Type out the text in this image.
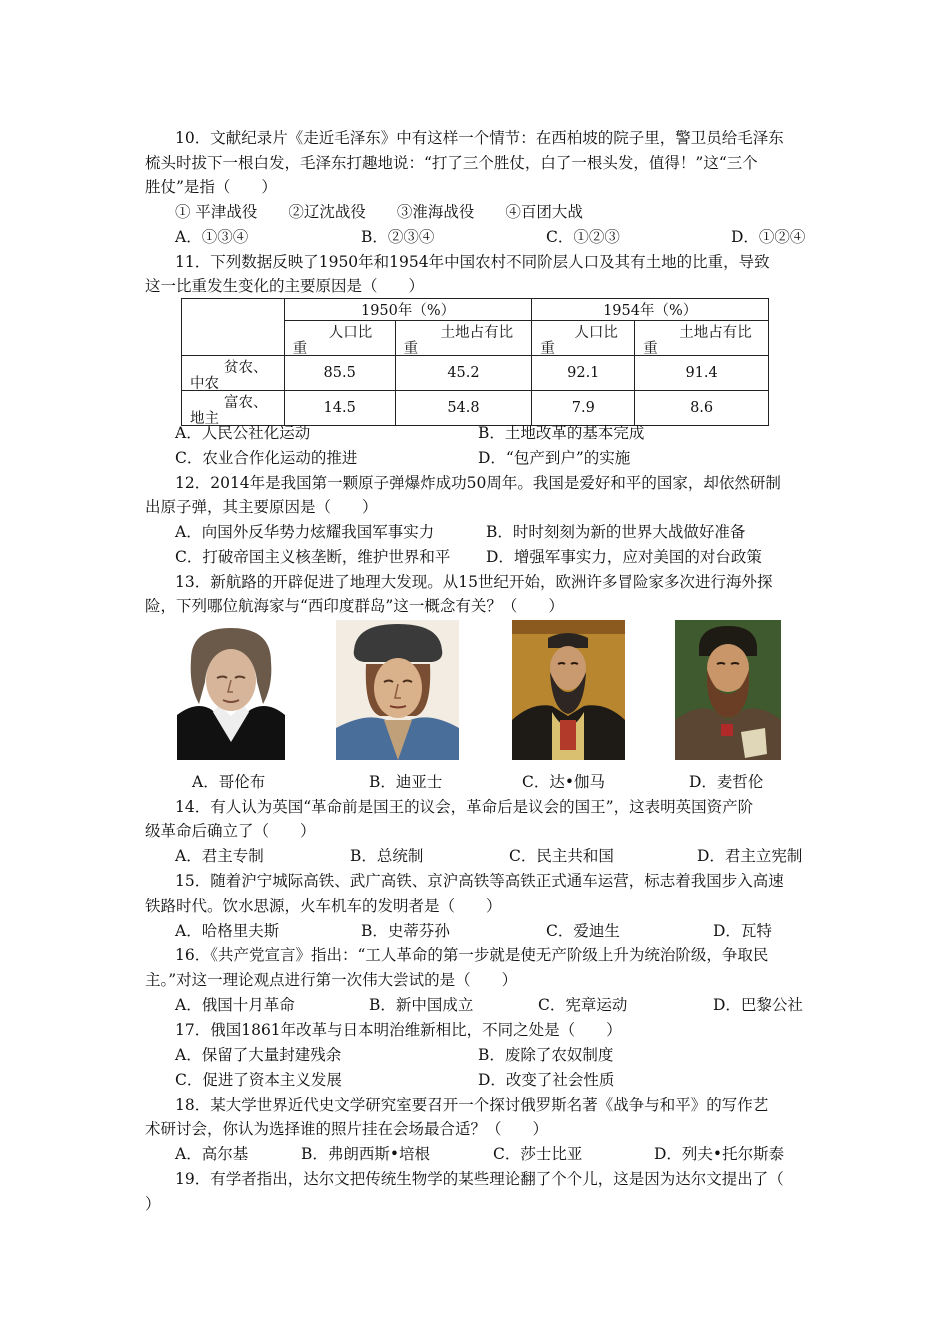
10．文献纪录片《走近毛泽东》中有这样一个情节：在西柏坡的院子里，警卫员给毛泽东
梳头时拔下一根白发，毛泽东打趣地说：“打了三个胜仗，白了一根头发，值得！”这“三个
胜仗”是指（　　）
① 平津战役　　②辽沈战役　　③淮海战役　　④百团大战
A．①③④	B．②③④	C．①②③	D．①②④
11．下列数据反映了1950年和1954年中国农村不同阶层人口及其有土地的比重，导致
这一比重发生变化的主要原因是（　　）
	1950年（%）		1954年（%）	

	人口比
重	土地占有比
重	人口比
重	土地占有比
重

贫农、
中农	85.5	45.2	92.1	91.4

富农、
地主	14.5	54.8	7.9	8.6
A．人民公社化运动	B．土地改革的基本完成
C．农业合作化运动的推进	D．“包产到户”的实施
12．2014年是我国第一颗原子弹爆炸成功50周年。我国是爱好和平的国家，却依然研制
出原子弹，其主要原因是（　　）
A．向国外反华势力炫耀我国军事实力	B．时时刻刻为新的世界大战做好准备
C．打破帝国主义核垄断，维护世界和平 D．增强军事实力，应对美国的对台政策
13．新航路的开辟促进了地理大发现。从15世纪开始，欧洲许多冒险家多次进行海外探
险，下列哪位航海家与“西印度群岛”这一概念有关？（　　）
A．哥伦布	B．迪亚士	C．达•伽马	D．麦哲伦
14．有人认为英国“革命前是国王的议会，革命后是议会的国王”，这表明英国资产阶
级革命后确立了（　　）
A．君主专制	B．总统制	C．民主共和国	D．君主立宪制
15．随着沪宁城际高铁、武广高铁、京沪高铁等高铁正式通车运营，标志着我国步入高速
铁路时代。饮水思源，火车机车的发明者是（　　）
A．哈格里夫斯	B．史蒂芬孙	C．爱迪生	D．瓦特
16．《共产党宣言》指出：“工人革命的第一步就是使无产阶级上升为统治阶级，争取民
主。”对这一理论观点进行第一次伟大尝试的是（　　）
A．俄国十月革命	B．新中国成立	C．宪章运动	D．巴黎公社
17．俄国1861年改革与日本明治维新相比，不同之处是（　　）
A．保留了大量封建残余	B．废除了农奴制度
C．促进了资本主义发展	D．改变了社会性质
18．某大学世界近代史文学研究室要召开一个探讨俄罗斯名著《战争与和平》的写作艺
术研讨会，你认为选择谁的照片挂在会场最合适？（　　）
A．高尔基	B．弗朗西斯•培根	C．莎士比亚	D．列夫•托尔斯泰
19．有学者指出，达尔文把传统生物学的某些理论翻了个个儿，这是因为达尔文提出了（
）
